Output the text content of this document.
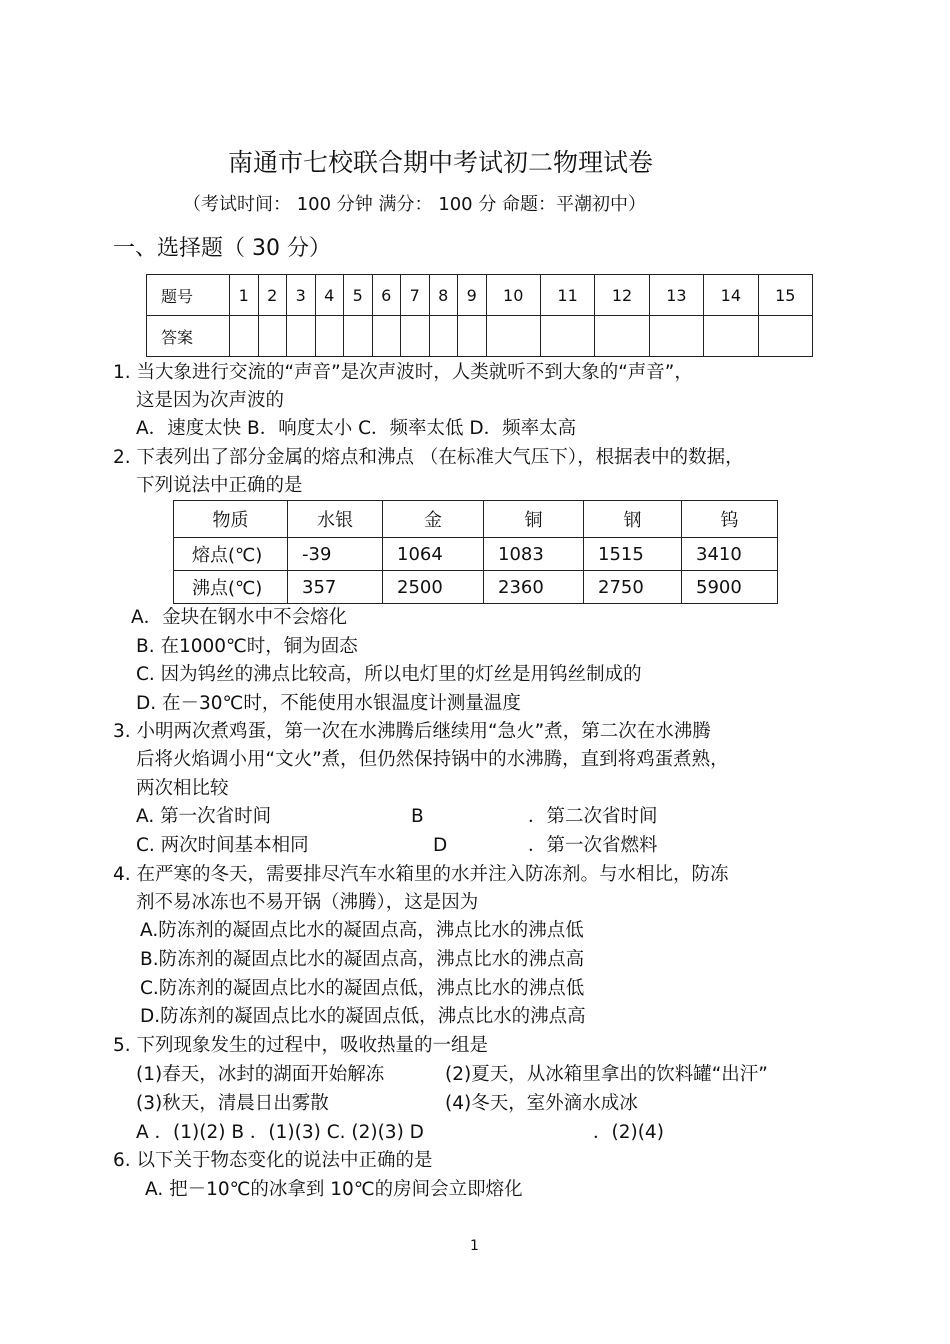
南通市七校联合期中考试初二物理试卷
（考试时间： 100 分钟 满分： 100 分 命题：平潮初中）
一、选择题（ 30 分）
题号	1	2	3	4	5	6	7	8	9	10	11	12	13	14	15
答案															
1. 当大象进行交流的“声音”是次声波时，人类就听不到大象的“声音”，
这是因为次声波的
A．速度太快 B．响度太小 C．频率太低 D．频率太高
2. 下表列出了部分金属的熔点和沸点 （在标准大气压下），根据表中的数据，
下列说法中正确的是
物质	水银	金	铜	钢	钨
熔点(℃)	-39	1064	1083	1515	3410
沸点(℃)	357	2500	2360	2750	5900
A．金块在钢水中不会熔化
B. 在1000℃时，铜为固态
C. 因为钨丝的沸点比较高，所以电灯里的灯丝是用钨丝制成的
D. 在－30℃时，不能使用水银温度计测量温度
3. 小明两次煮鸡蛋，第一次在水沸腾后继续用“急火”煮，第二次在水沸腾
后将火焰调小用“文火”煮，但仍然保持锅中的水沸腾，直到将鸡蛋煮熟，
两次相比较
A. 第一次省时间	B	．第二次省时间
C. 两次时间基本相同	D	．第一次省燃料
4. 在严寒的冬天，需要排尽汽车水箱里的水并注入防冻剂。与水相比，防冻
剂不易冰冻也不易开锅（沸腾），这是因为
A.防冻剂的凝固点比水的凝固点高，沸点比水的沸点低
B.防冻剂的凝固点比水的凝固点高，沸点比水的沸点高
C.防冻剂的凝固点比水的凝固点低，沸点比水的沸点低
D.防冻剂的凝固点比水的凝固点低，沸点比水的沸点高
5. 下列现象发生的过程中，吸收热量的一组是
(1)春天，冰封的湖面开始解冻	(2)夏天，从冰箱里拿出的饮料罐“出汗”
(3)秋天，清晨日出雾散	(4)冬天，室外滴水成冰
A ．(1)(2) B ．(1)(3) C. (2)(3) D	．(2)(4)
6. 以下关于物态变化的说法中正确的是
A. 把－10℃的冰拿到 10℃的房间会立即熔化
1
